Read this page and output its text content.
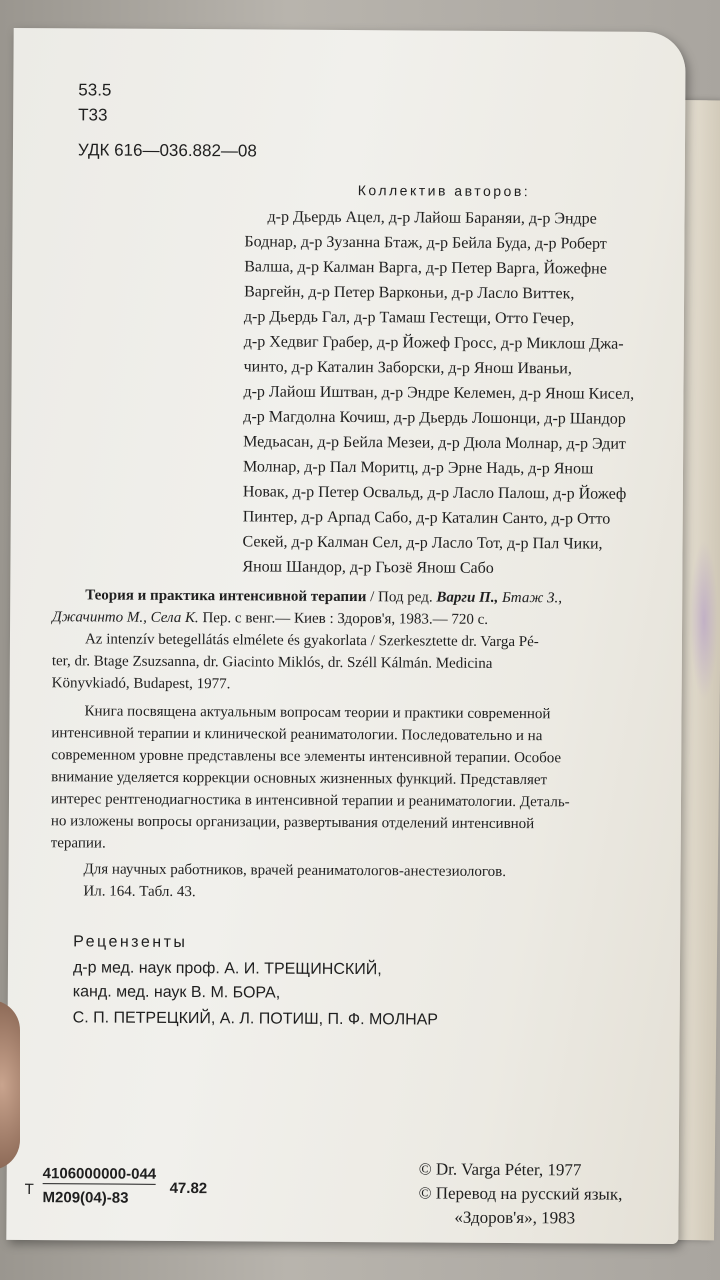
53.5
Т33
УДК 616—036.882—08
Коллектив авторов:
д-р Дьердь Ацел, д-р Лайош Бараняи, д-р Эндре
Боднар, д-р Зузанна Бтаж, д-р Бейла Буда, д-р Роберт
Валша, д-р Калман Варга, д-р Петер Варга, Йожефне
Варгейн, д-р Петер Варконьи, д-р Ласло Виттек,
д-р Дьердь Гал, д-р Тамаш Гестещи, Отто Гечер,
д-р Хедвиг Грабер, д-р Йожеф Гросс, д-р Миклош Джа-
чинто, д-р Каталин Заборски, д-р Янош Иваньи,
д-р Лайош Иштван, д-р Эндре Келемен, д-р Янош Кисел,
д-р Магдолна Кочиш, д-р Дьердь Лошонци, д-р Шандор
Медьасан, д-р Бейла Мезеи, д-р Дюла Молнар, д-р Эдит
Молнар, д-р Пал Моритц, д-р Эрне Надь, д-р Янош
Новак, д-р Петер Освальд, д-р Ласло Палош, д-р Йожеф
Пинтер, д-р Арпад Сабо, д-р Каталин Санто, д-р Отто
Секей, д-р Калман Сел, д-р Ласло Тот, д-р Пал Чики,
Янош Шандор, д-р Гьозё Янош Сабо
Теория и практика интенсивной терапии / Под ред. Варги П., Бтаж З.,
Джачинто М., Села К. Пер. с венг.— Киев : Здоров'я, 1983.— 720 с.
Az intenzív betegellátás elméletе és gyakorlata / Szerkesztette dr. Varga Pé-
ter, dr. Btage Zsuzsanna, dr. Giacinto Miklós, dr. Széll Kálmán. Medicina
Könyvkiadó, Budapest, 1977.
Книга посвящена актуальным вопросам теории и практики современной
интенсивной терапии и клинической реаниматологии. Последовательно и на
современном уровне представлены все элементы интенсивной терапии. Особое
внимание уделяется коррекции основных жизненных функций. Представляет
интерес рентгенодиагностика в интенсивной терапии и реаниматологии. Деталь-
но изложены вопросы организации, развертывания отделений интенсивной
терапии.
Для научных работников, врачей реаниматологов-анестезиологов.
Ил. 164. Табл. 43.
Рецензенты
д-р мед. наук проф. А. И. ТРЕЩИНСКИЙ,
канд. мед. наук В. М. БОРА,
С. П. ПЕТРЕЦКИЙ, А. Л. ПОТИШ, П. Ф. МОЛНАР
Т
4106000000-044
М209(04)-83
47.82
© Dr. Varga Péter, 1977
© Перевод на русский язык,
«Здоров'я», 1983
